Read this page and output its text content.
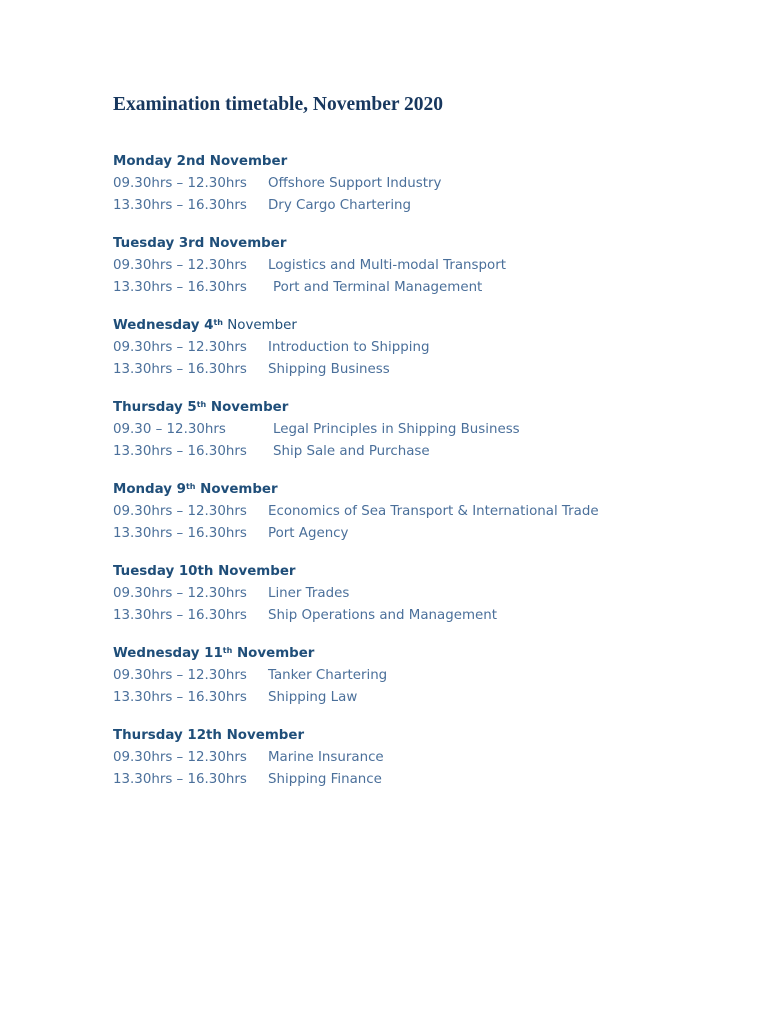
Examination timetable, November 2020
Monday 2nd November
09.30hrs – 12.30hrs Offshore Support Industry
13.30hrs – 16.30hrs Dry Cargo Chartering
Tuesday 3rd November
09.30hrs – 12.30hrs Logistics and Multi-modal Transport
13.30hrs – 16.30hrs Port and Terminal Management
Wednesday 4th November
09.30hrs – 12.30hrs Introduction to Shipping
13.30hrs – 16.30hrs Shipping Business
Thursday 5th November
09.30 – 12.30hrs	Legal Principles in Shipping Business
13.30hrs – 16.30hrs Ship Sale and Purchase
Monday 9th November
09.30hrs – 12.30hrs Economics of Sea Transport & International Trade
13.30hrs – 16.30hrs Port Agency
Tuesday 10th November
09.30hrs – 12.30hrs Liner Trades
13.30hrs – 16.30hrs Ship Operations and Management
Wednesday 11th November
09.30hrs – 12.30hrs Tanker Chartering
13.30hrs – 16.30hrs Shipping Law
Thursday 12th November
09.30hrs – 12.30hrs Marine Insurance
13.30hrs – 16.30hrs Shipping Finance
